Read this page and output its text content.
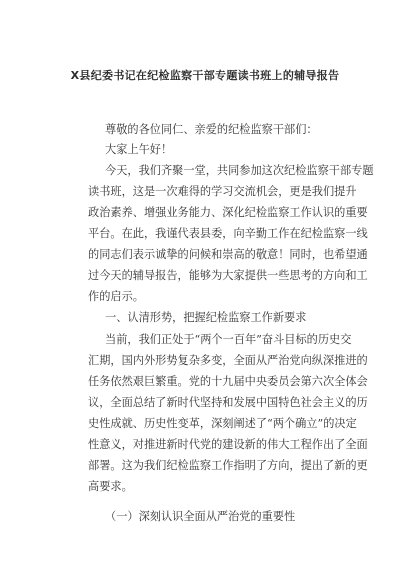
X县纪委书记在纪检监察干部专题读书班上的辅导报告
尊敬的各位同仁、亲爱的纪检监察干部们：
大家上午好！
今天，我们齐聚一堂，共同参加这次纪检监察干部专题
读书班，这是一次难得的学习交流机会，更是我们提升
政治素养、增强业务能力、深化纪检监察工作认识的重要
平台。在此，我谨代表县委，向辛勤工作在纪检监察一线
的同志们表示诚挚的问候和崇高的敬意！同时，也希望通
过今天的辅导报告，能够为大家提供一些思考的方向和工
作的启示。
一、认清形势，把握纪检监察工作新要求
当前，我们正处于“两个一百年”奋斗目标的历史交
汇期，国内外形势复杂多变，全面从严治党向纵深推进的
任务依然艰巨繁重。党的十九届中央委员会第六次全体会
议，全面总结了新时代坚持和发展中国特色社会主义的历
史性成就、历史性变革，深刻阐述了“两个确立”的决定
性意义，对推进新时代党的建设新的伟大工程作出了全面
部署。这为我们纪检监察工作指明了方向，提出了新的更
高要求。
（一）深刻认识全面从严治党的重要性
